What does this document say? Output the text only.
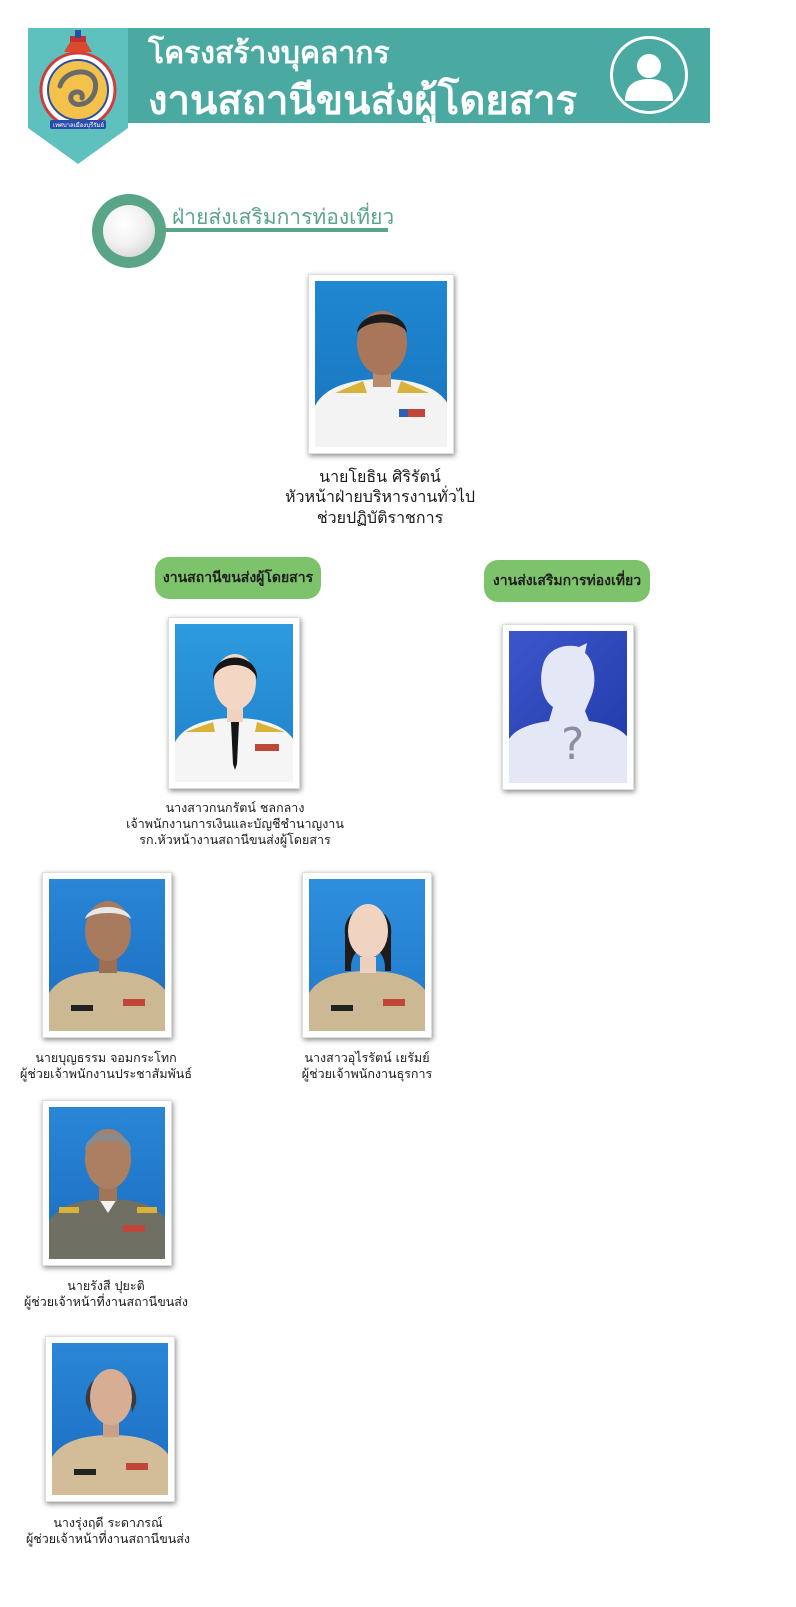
เทศบาลเมืองบุรีรัมย์
โครงสร้างบุคลากร
งานสถานีขนส่งผู้โดยสาร
ฝ่ายส่งเสริมการท่องเที่ยว
นายโยธิน ศิริรัตน์
หัวหน้าฝ่ายบริหารงานทั่วไป
ช่วยปฏิบัติราชการ
งานสถานีขนส่งผู้โดยสาร	งานส่งเสริมการท่องเที่ยว
นางสาวกนกรัตน์ ชลกลาง
เจ้าพนักงานการเงินและบัญชีชำนาญงาน
รก.หัวหน้างานสถานีขนส่งผู้โดยสาร
?
นายบุญธรรม จอมกระโทก
ผู้ช่วยเจ้าพนักงานประชาสัมพันธ์
นางสาวอุไรรัตน์ เยรัมย์
ผู้ช่วยเจ้าพนักงานธุรการ
นายรังสี ปุยะติ
ผู้ช่วยเจ้าหน้าที่งานสถานีขนส่ง
นางรุ่งฤดี ระดาภรณ์
ผู้ช่วยเจ้าหน้าที่งานสถานีขนส่ง
